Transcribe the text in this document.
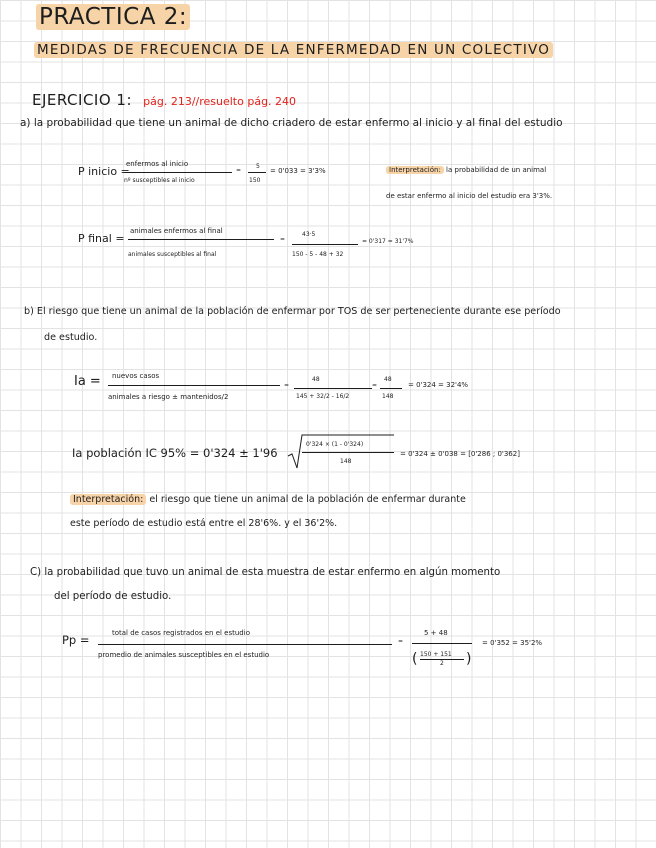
PRACTICA 2:
MEDIDAS DE FRECUENCIA DE LA ENFERMEDAD EN UN COLECTIVO
EJERCICIO 1: pág. 213//resuelto pág. 240
a) la probabilidad que tiene un animal de dicho criadero de estar enfermo al inicio y al final del estudio
P inicio =
enfermos al inicio
nº susceptibles al inicio
=
5
150
= 0'033 = 3'3%	Interpretación: la probabilidad de un animal
de estar enfermo al inicio del estudio era 3'3%.
P final =
animales enfermos al final
animales susceptibles al final
=
43·5
150 - 5 - 48 + 32
= 0'317 = 31'7%
b) El riesgo que tiene un animal de la población de enfermar por TOS de ser perteneciente durante ese período
de estudio.
Ia = nuevos casos
animales a riesgo ± mantenidos/2
=
48
145 + 32/2 - 16/2
=
48
148
= 0'324 = 32'4%
Ia población IC 95% = 0'324 ± 1'96
0'324 × (1 - 0'324)
148
= 0'324 ± 0'038 = [0'286 ; 0'362]
Interpretación: el riesgo que tiene un animal de la población de enfermar durante
este período de estudio está entre el 28'6%. y el 36'2%.
C) la probabilidad que tuvo un animal de esta muestra de estar enfermo en algún momento
del período de estudio.
Pp =	total de casos registrados en el estudio
promedio de animales susceptibles en el estudio
=
5 + 48
( 150 + 151
2 )
= 0'352 = 35'2%
